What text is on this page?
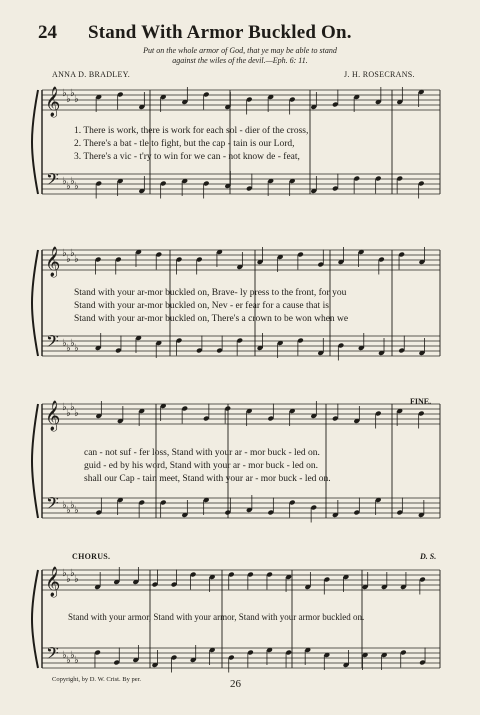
24 Stand With Armor Buckled On.
Put on the whole armor of God, that ye may be able to stand
against the wiles of the devil.—Eph. 6: 11.
ANNA D. BRADLEY.	J. H. ROSECRANS.
𝄞
𝄢
♭
♭
♭
♭
♭
♭
♭
♭
1. There is work, there is work for each sol - dier of the cross,
2. There's a bat - tle to fight, but the cap - tain is our Lord,
3. There's a vic - t'ry to win for we can - not know de - feat,
𝄞
𝄢
♭
♭
♭
♭
♭
♭
♭
♭
Stand with your ar-mor buckled on, Brave- ly press to the front, for you
Stand with your ar-mor buckled on, Nev - er fear for a cause that is
Stand with your ar-mor buckled on, There's a crown to be won when we
𝄞
𝄢
♭
♭
♭
♭
♭
♭
♭
♭
can - not suf - fer loss, Stand with your ar - mor buck - led on.
guid - ed by his word, Stand with your ar - mor buck - led on.
shall our Cap - tain meet, Stand with your ar - mor buck - led on.
FINE.
CHORUS.	D. S.
𝄞
𝄢
♭
♭
♭
♭
♭
♭
♭
♭
Stand with your armor, Stand with your armor, Stand with your armor buckled on.
Copyright, by D. W. Crist. By per.	26
